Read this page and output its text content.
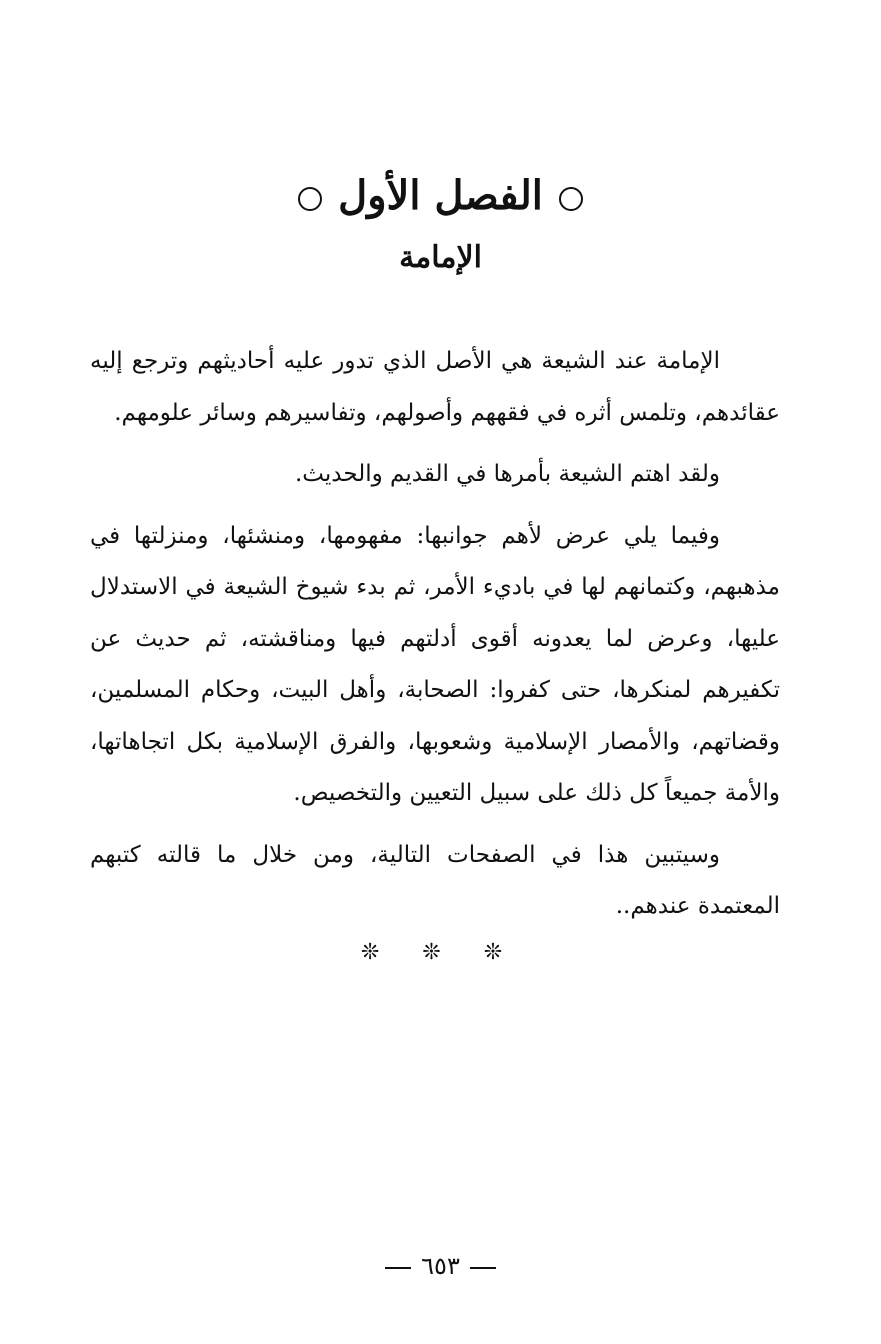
الفصل الأول
الإمامة

الإمامة عند الشيعة هي الأصل الذي تدور عليه أحاديثهم وترجع إليه عقائدهم، وتلمس أثره في فقههم وأصولهم، وتفاسيرهم وسائر علومهم.

ولقد اهتم الشيعة بأمرها في القديم والحديث.

وفيما يلي عرض لأهم جوانبها: مفهومها، ومنشئها، ومنزلتها في مذهبهم، وكتمانهم لها في باديء الأمر، ثم بدء شيوخ الشيعة في الاستدلال عليها، وعرض لما يعدونه أقوى أدلتهم فيها ومناقشته، ثم حديث عن تكفيرهم لمنكرها، حتى كفروا: الصحابة، وأهل البيت، وحكام المسلمين، وقضاتهم، والأمصار الإسلامية وشعوبها، والفرق الإسلامية بكل اتجاهاتها، والأمة جميعاً كل ذلك على سبيل التعيين والتخصيص.

وسيتبين هذا في الصفحات التالية، ومن خلال ما قالته كتبهم المعتمدة عندهم..

❊ ❊ ❊
٦٥٣
